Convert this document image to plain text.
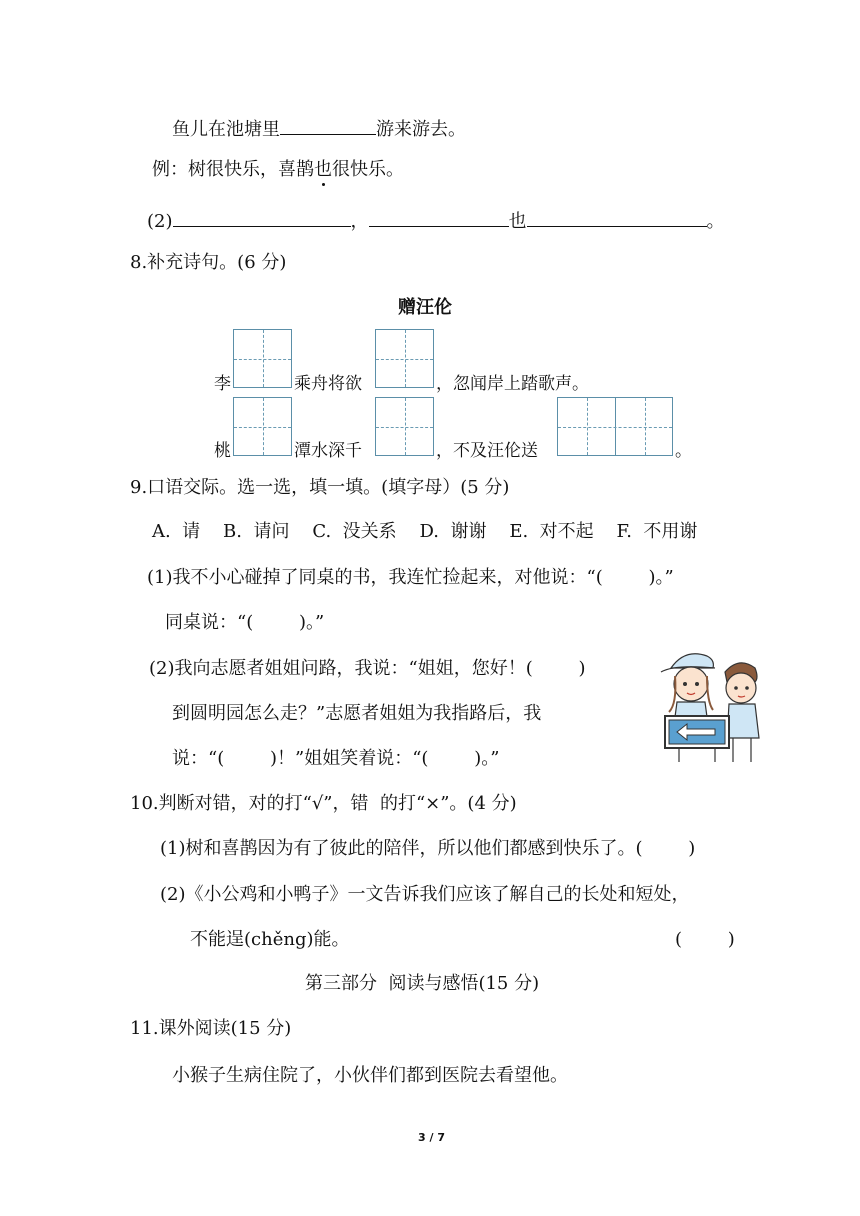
鱼儿在池塘里	游来游去。
例：树很快乐，喜鹊也很快乐。
(2)	，	也	。
8.补充诗句。(6 分)
赠汪伦
李	乘舟将欲	，忽闻岸上踏歌声。
桃	潭水深千	，不及汪伦送	。
9.口语交际。选一选，填一填。(填字母）(5 分)
A.  请    B.  请问    C.  没关系    D.  谢谢    E.  对不起    F.  不用谢
(1)我不小心碰掉了同桌的书，我连忙捡起来，对他说：“(        )。”
同桌说：“(        )。”
(2)我向志愿者姐姐问路，我说：“姐姐，您好！(        )
到圆明园怎么走？”志愿者姐姐为我指路后，我
说：“(        )！”姐姐笑着说：“(        )。”
10.判断对错，对的打“√”，错  的打“×”。(4 分)
(1)树和喜鹊因为有了彼此的陪伴，所以他们都感到快乐了。(        )
(2)《小公鸡和小鸭子》一文告诉我们应该了解自己的长处和短处，
不能逞(chěng)能。	(        )
第三部分  阅读与感悟(15 分)
11.课外阅读(15 分)
小猴子生病住院了，小伙伴们都到医院去看望他。
3 / 7
